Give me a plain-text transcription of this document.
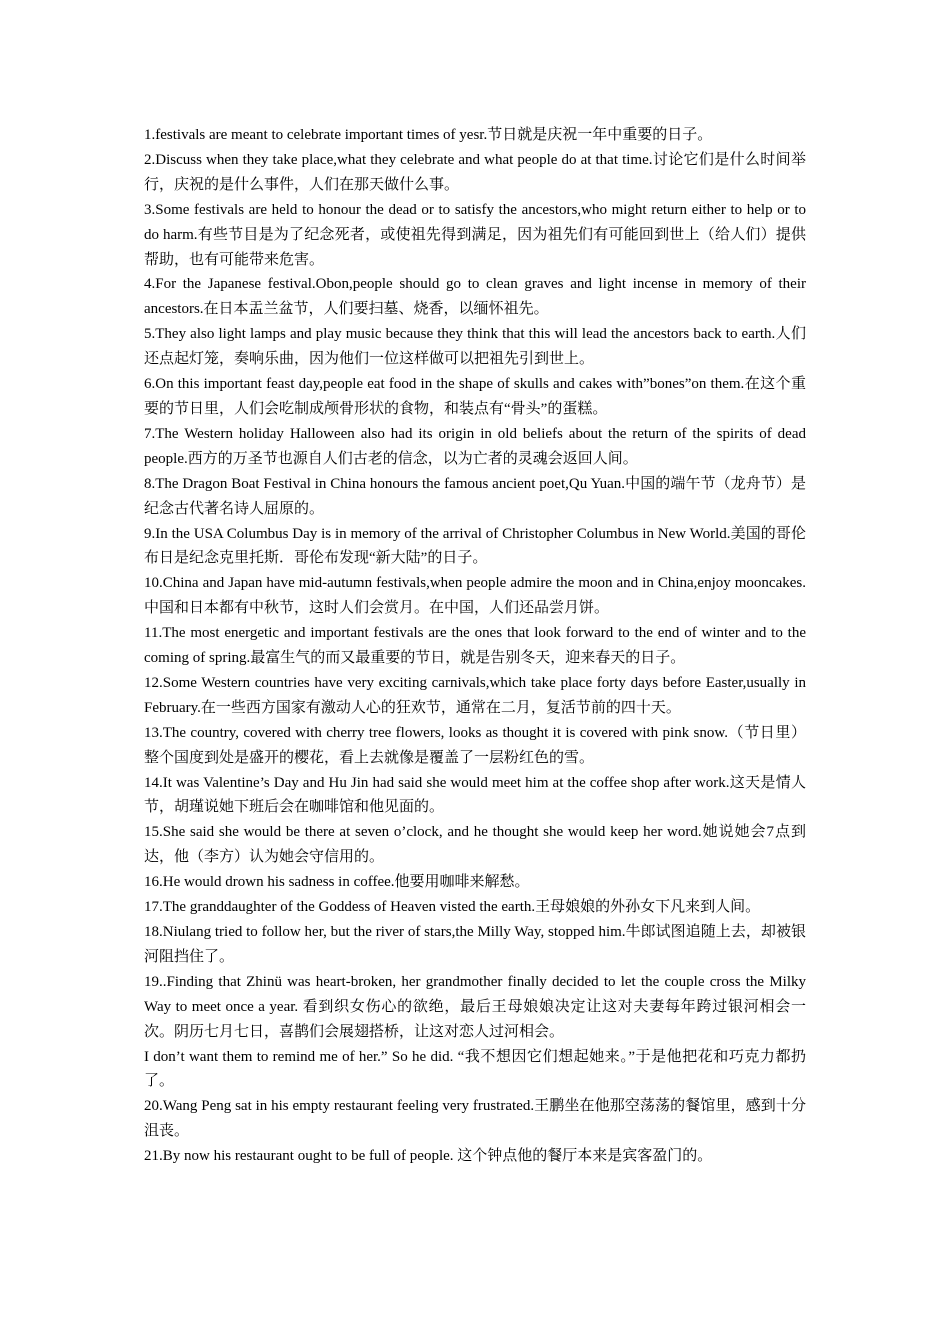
1.festivals are meant to celebrate important times of yesr.节日就是庆祝一年中重要的日子。

2.Discuss when they take place,what they celebrate and what people do at that time.讨论它们是什么时间举行，庆祝的是什么事件，人们在那天做什么事。

3.Some festivals are held to honour the dead or to satisfy the ancestors,who might return either to help or to do harm.有些节目是为了纪念死者，或使祖先得到满足，因为祖先们有可能回到世上（给人们）提供帮助，也有可能带来危害。

4.For the Japanese festival.Obon,people should go to clean graves and light incense in memory of their ancestors.在日本盂兰盆节，人们要扫墓、烧香，以缅怀祖先。

5.They also light lamps and play music because they think that this will lead the ancestors back to earth.人们还点起灯笼，奏响乐曲，因为他们一位这样做可以把祖先引到世上。

6.On this important feast day,people eat food in the shape of skulls and cakes with”bones”on them.在这个重要的节日里，人们会吃制成颅骨形状的食物，和装点有“骨头”的蛋糕。

7.The Western holiday Halloween also had its origin in old beliefs about the return of the spirits of dead people.西方的万圣节也源自人们古老的信念，以为亡者的灵魂会返回人间。

8.The Dragon Boat Festival in China honours the famous ancient poet,Qu Yuan.中国的端午节（龙舟节）是纪念古代著名诗人屈原的。

9.In the USA Columbus Day is in memory of the arrival of Christopher Columbus in New World.美国的哥伦布日是纪念克里托斯．哥伦布发现“新大陆”的日子。

10.China and Japan have mid-autumn festivals,when people admire the moon and in China,enjoy mooncakes.中国和日本都有中秋节，这时人们会赏月。在中国，人们还品尝月饼。

11.The most energetic and important festivals are the ones that look forward to the end of winter and to the coming of spring.最富生气的而又最重要的节日，就是告别冬天，迎来春天的日子。

12.Some Western countries have very exciting carnivals,which take place forty days before Easter,usually in February.在一些西方国家有激动人心的狂欢节，通常在二月，复活节前的四十天。

13.The country, covered with cherry tree flowers, looks as thought it is covered with pink snow.（节日里）整个国度到处是盛开的樱花，看上去就像是覆盖了一层粉红色的雪。

14.It was Valentine’s Day and Hu Jin had said she would meet him at the coffee shop after work.这天是情人节，胡瑾说她下班后会在咖啡馆和他见面的。

15.She said she would be there at seven o’clock, and he thought she would keep her word.她说她会7点到达，他（李方）认为她会守信用的。

16.He would drown his sadness in coffee.他要用咖啡来解愁。

17.The granddaughter of the Goddess of Heaven visted the earth.王母娘娘的外孙女下凡来到人间。

18.Niulang tried to follow her, but the river of stars,the Milly Way, stopped him.牛郎试图追随上去，却被银河阻挡住了。

19..Finding that Zhinü was heart-broken, her grandmother finally decided to let the couple cross the Milky Way to meet once a year. 看到织女伤心的欲绝，最后王母娘娘决定让这对夫妻每年跨过银河相会一次。阴历七月七日，喜鹊们会展翅搭桥，让这对恋人过河相会。

I don’t want them to remind me of her.” So he did. “我不想因它们想起她来。”于是他把花和巧克力都扔了。

20.Wang Peng sat in his empty restaurant feeling very frustrated.王鹏坐在他那空荡荡的餐馆里，感到十分沮丧。

21.By now his restaurant ought to be full of people. 这个钟点他的餐厅本来是宾客盈门的。
